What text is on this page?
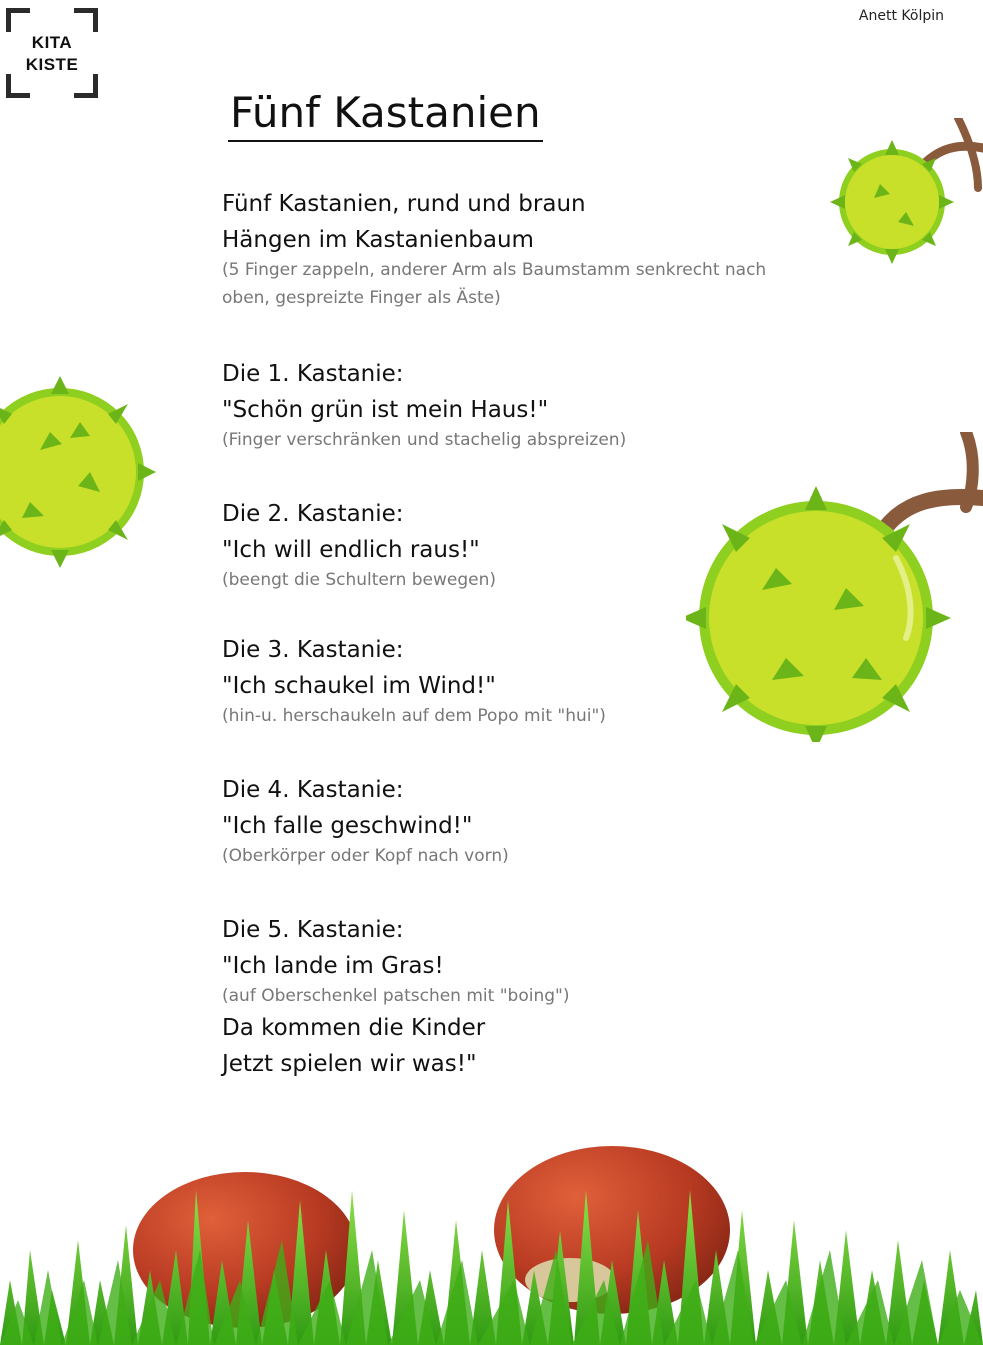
KITA
KISTE
Anett Kölpin
Fünf Kastanien
Fünf Kastanien, rund und braun
Hängen im Kastanienbaum
(5 Finger zappeln, anderer Arm als Baumstamm senkrecht nach oben, gespreizte Finger als Äste)
Die 1. Kastanie:
"Schön grün ist mein Haus!"
(Finger verschränken und stachelig abspreizen)
Die 2. Kastanie:
"Ich will endlich raus!"
(beengt die Schultern bewegen)
Die 3. Kastanie:
"Ich schaukel im Wind!"
(hin-u. herschaukeln auf dem Popo mit "hui")
Die 4. Kastanie:
"Ich falle geschwind!"
(Oberkörper oder Kopf nach vorn)
Die 5. Kastanie:
"Ich lande im Gras!
(auf Oberschenkel patschen mit "boing")
Da kommen die Kinder
Jetzt spielen wir was!"
